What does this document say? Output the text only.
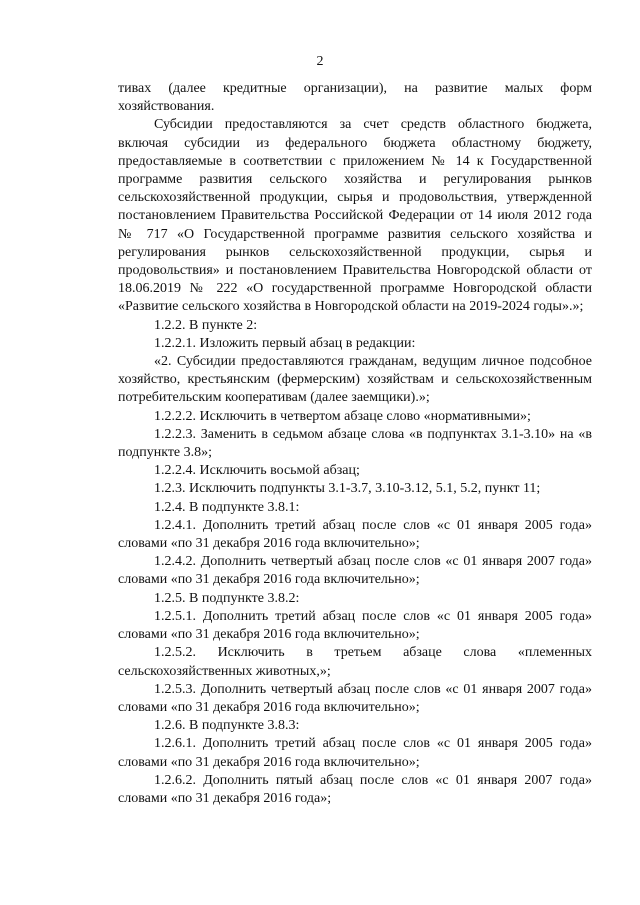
2

тивах (далее кредитные организации), на развитие малых форм хозяйствования.

Субсидии предоставляются за счет средств областного бюджета, включая субсидии из федерального бюджета областному бюджету, предоставляемые в соответствии с приложением № 14 к Государственной программе развития сельского хозяйства и регулирования рынков сельскохозяйственной продукции, сырья и продовольствия, утвержденной постановлением Правительства Российской Федерации от 14 июля 2012 года № 717 «О Государственной программе развития сельского хозяйства и регулирования рынков сельскохозяйственной продукции, сырья и продовольствия» и постановлением Правительства Новгородской области от 18.06.2019 № 222 «О государственной программе Новгородской области «Развитие сельского хозяйства в Новгородской области на 2019-2024 годы».»;

1.2.2. В пункте 2:

1.2.2.1. Изложить первый абзац в редакции:

«2. Субсидии предоставляются гражданам, ведущим личное подсобное хозяйство, крестьянским (фермерским) хозяйствам и сельскохозяйственным потребительским кооперативам (далее заемщики).»;

1.2.2.2. Исключить в четвертом абзаце слово «нормативными»;

1.2.2.3. Заменить в седьмом абзаце слова «в подпунктах 3.1-3.10» на «в подпункте 3.8»;

1.2.2.4. Исключить восьмой абзац;

1.2.3. Исключить подпункты 3.1-3.7, 3.10-3.12, 5.1, 5.2, пункт 11;

1.2.4. В подпункте 3.8.1:

1.2.4.1. Дополнить третий абзац после слов «с 01 января 2005 года» словами «по 31 декабря 2016 года включительно»;

1.2.4.2. Дополнить четвертый абзац после слов «с 01 января 2007 года» словами «по 31 декабря 2016 года включительно»;

1.2.5. В подпункте 3.8.2:

1.2.5.1. Дополнить третий абзац после слов «с 01 января 2005 года» словами «по 31 декабря 2016 года включительно»;

1.2.5.2. Исключить в третьем абзаце слова «племенных сельскохозяйственных животных,»;

1.2.5.3. Дополнить четвертый абзац после слов «с 01 января 2007 года» словами «по 31 декабря 2016 года включительно»;

1.2.6. В подпункте 3.8.3:

1.2.6.1. Дополнить третий абзац после слов «с 01 января 2005 года» словами «по 31 декабря 2016 года включительно»;

1.2.6.2. Дополнить пятый абзац после слов «с 01 января 2007 года» словами «по 31 декабря 2016 года»;
